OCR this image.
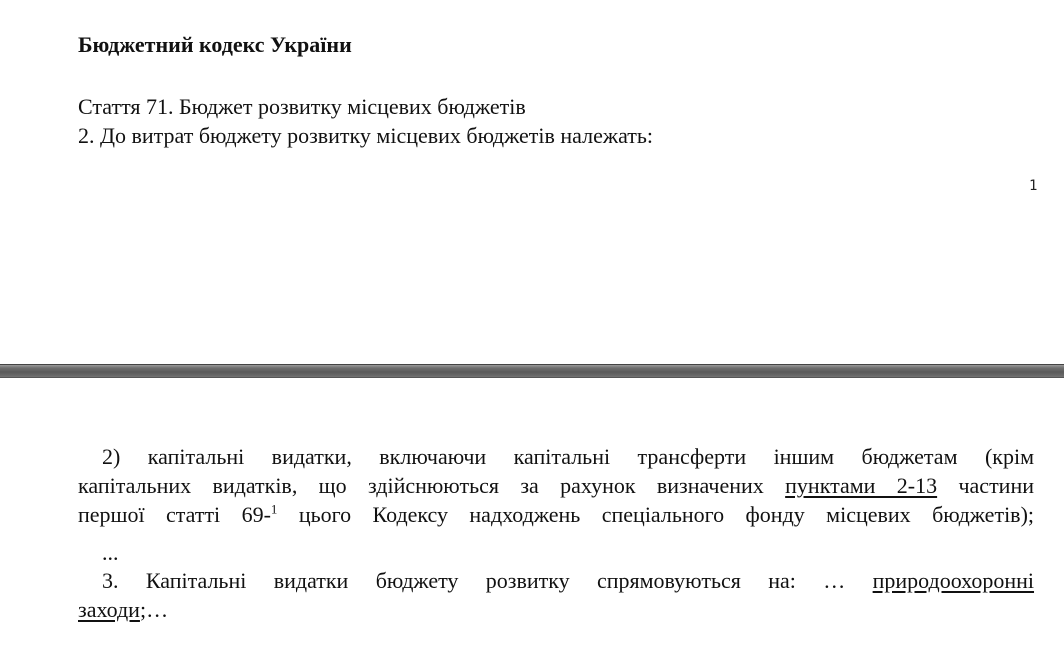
Бюджетний кодекс України
Стаття 71. Бюджет розвитку місцевих бюджетів
2. До витрат бюджету розвитку місцевих бюджетів належать:
1
2) капітальні видатки, включаючи капітальні трансферти іншим бюджетам (крім
капітальних видатків, що здійснюються за рахунок визначених пунктами 2-13 частини
першої статті 69-$^1$ цього Кодексу надходжень спеціального фонду місцевих бюджетів);
...
3. Капітальні видатки бюджету розвитку спрямовуються на: … природоохоронні
заходи;…
